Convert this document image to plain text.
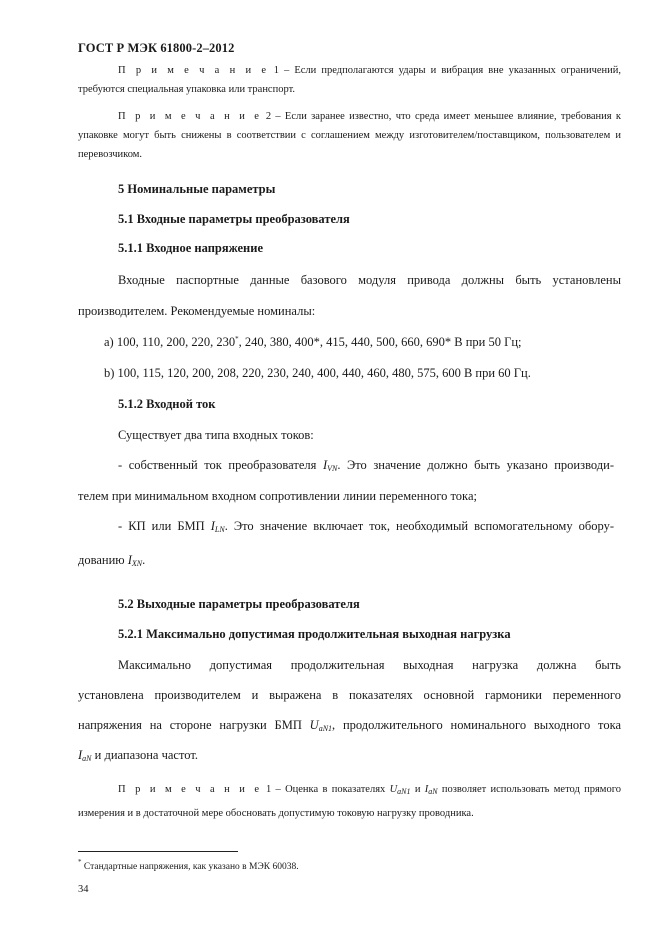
ГОСТ Р МЭК 61800-2–2012
П р и м е ч а н и е 1 – Если предполагаются удары и вибрация вне указанных ограничений, требуются специальная упаковка или транспорт.
П р и м е ч а н и е 2 – Если заранее известно, что среда имеет меньшее влияние, требования к упаковке могут быть снижены в соответствии с соглашением между изготовителем/поставщиком, пользователем и перевозчиком.
5 Номинальные параметры
5.1 Входные параметры преобразователя
5.1.1 Входное напряжение
Входные паспортные данные базового модуля привода должны быть установлены
производителем. Рекомендуемые номиналы:
a) 100, 110, 200, 220, 230*, 240, 380, 400*, 415, 440, 500, 660, 690* В при 50 Гц;
b) 100, 115, 120, 200, 208, 220, 230, 240, 400, 440, 460, 480, 575, 600 В при 60 Гц.
5.1.2 Входной ток
Существует два типа входных токов:
- собственный ток преобразователя $I_{VN}$. Это значение должно быть указано производи-
телем при минимальном входном сопротивлении линии переменного тока;
- КП или БМП $I_{LN}$. Это значение включает ток, необходимый вспомогательному обору-
дованию $I_{XN}$.
5.2 Выходные параметры преобразователя
5.2.1 Максимально допустимая продолжительная выходная нагрузка
Максимально допустимая продолжительная выходная нагрузка должна быть
установлена производителем и выражена в показателях основной гармоники переменного
напряжения на стороне нагрузки БМП $U_{aN1}$, продолжительного номинального выходного тока
$I_{aN}$ и диапазона частот.
П р и м е ч а н и е 1 – Оценка в показателях $U_{aN1}$ и $I_{aN}$ позволяет использовать метод прямого измерения и в достаточной мере обосновать допустимую токовую нагрузку проводника.
* Стандартные напряжения, как указано в МЭК 60038.
34
